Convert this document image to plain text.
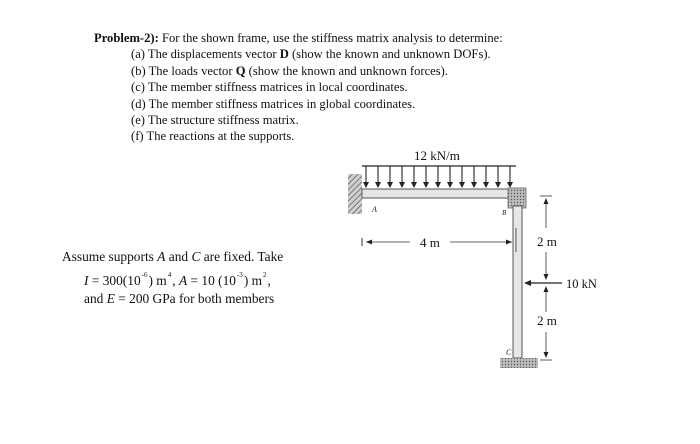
Problem-2): For the shown frame, use the stiffness matrix analysis to determine:
(a) The displacements vector D (show the known and unknown DOFs).
(b) The loads vector Q (show the known and unknown forces).
(c) The member stiffness matrices in local coordinates.
(d) The member stiffness matrices in global coordinates.
(e) The structure stiffness matrix.
(f) The reactions at the supports.
Assume supports A and C are fixed. Take
$I = 300(10^{-6})$ $m^4$, A = 10 $(10^{-3})$ $m^2$,
and E = 200 GPa for both members
12 kN/m
4 m	2 m
2 m
10 kN
A	B
C
